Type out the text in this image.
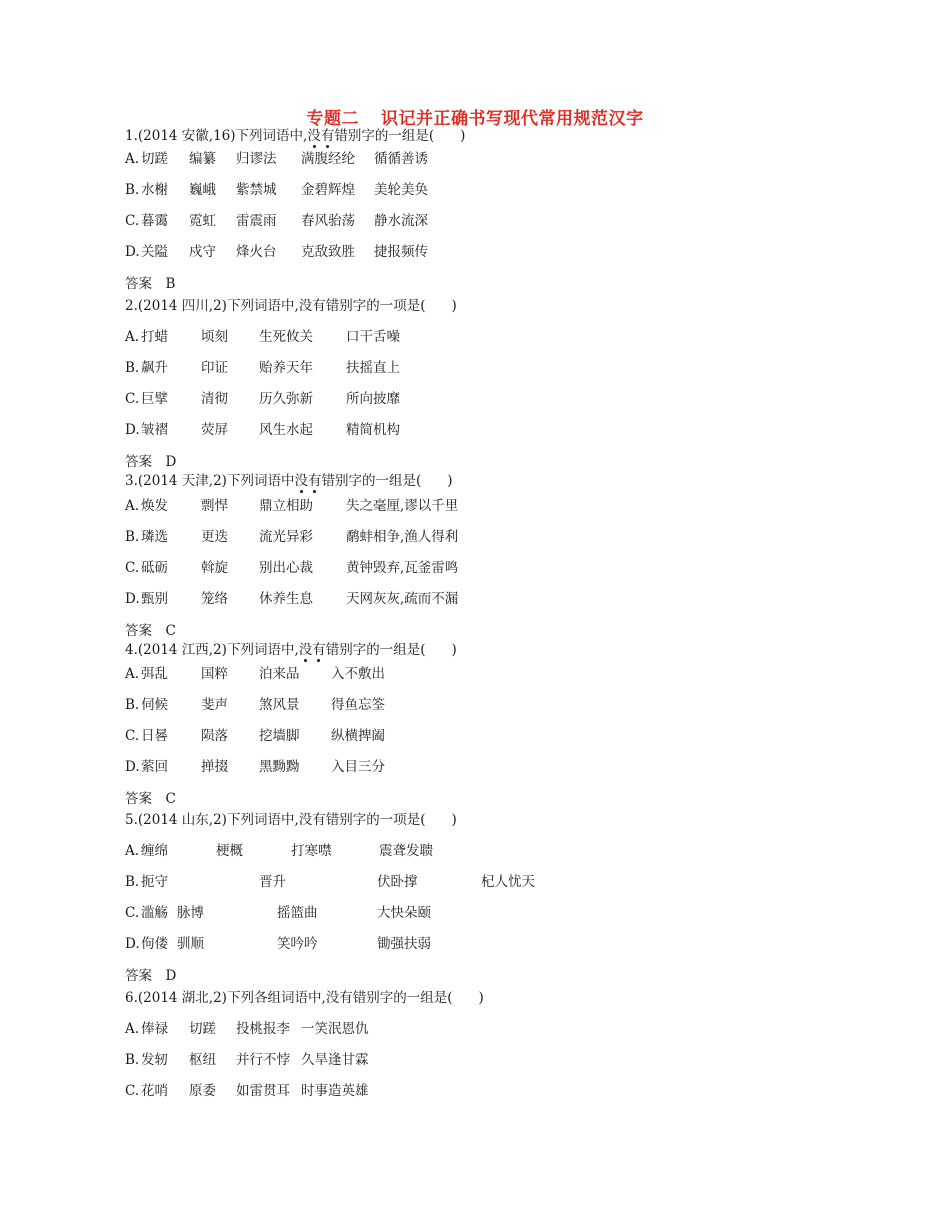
专题二 识记并正确书写现代常用规范汉字
1.(2014 安徽,16)下列词语中,没有错别字的一组是( )
A. 切蹉 编纂 归谬法 满腹经纶 循循善诱
B. 水榭 巍峨 紫禁城 金碧辉煌 美轮美奂
C. 暮霭 霓虹 雷震雨 春风骀荡 静水流深
D. 关隘 戍守 烽火台 克敌致胜 捷报频传
答案　B
2.(2014 四川,2)下列词语中,没有错别字的一项是( )
A. 打蜡 顷刻 生死攸关 口干舌噪
B. 飙升 印证 贻养天年 扶摇直上
C. 巨擘 清彻 历久弥新 所向披靡
D. 皱褶 荧屏 风生水起 精简机构
答案　D
3.(2014 天津,2)下列词语中没有错别字的一组是( )
A. 焕发 剽悍 鼎立相助 失之毫厘,谬以千里
B. 璘选 更迭 流光异彩 鹬蚌相争,渔人得利
C. 砥砺 斡旋 别出心裁 黄钟毁弃,瓦釜雷鸣
D. 甄别 笼络 休养生息 天网灰灰,疏而不漏
答案　C
4.(2014 江西,2)下列词语中,没有错别字的一组是( )
A. 弭乱 国粹 泊来品 入不敷出
B. 伺候 斐声 煞风景 得鱼忘筌
C. 日晷 陨落 挖墙脚 纵横捭阖
D. 萦回 掸掇 黑黝黝 入目三分
答案　C
5.(2014 山东,2)下列词语中,没有错别字的一项是( )
A. 缠绵	梗概	打寒噤	震聋发聩
B. 扼守	晋升	伏卧撑	杞人忧天
C. 滥觞 脉博	摇篮曲	大快朵颐
D. 佝偻 驯顺	笑吟吟	锄强扶弱
答案　D
6.(2014 湖北,2)下列各组词语中,没有错别字的一组是( )
A. 俸禄 切蹉 投桃报李 一笑泯恩仇
B. 发轫 枢纽 并行不悖 久旱逢甘霖
C. 花哨 原委 如雷贯耳 时事造英雄
